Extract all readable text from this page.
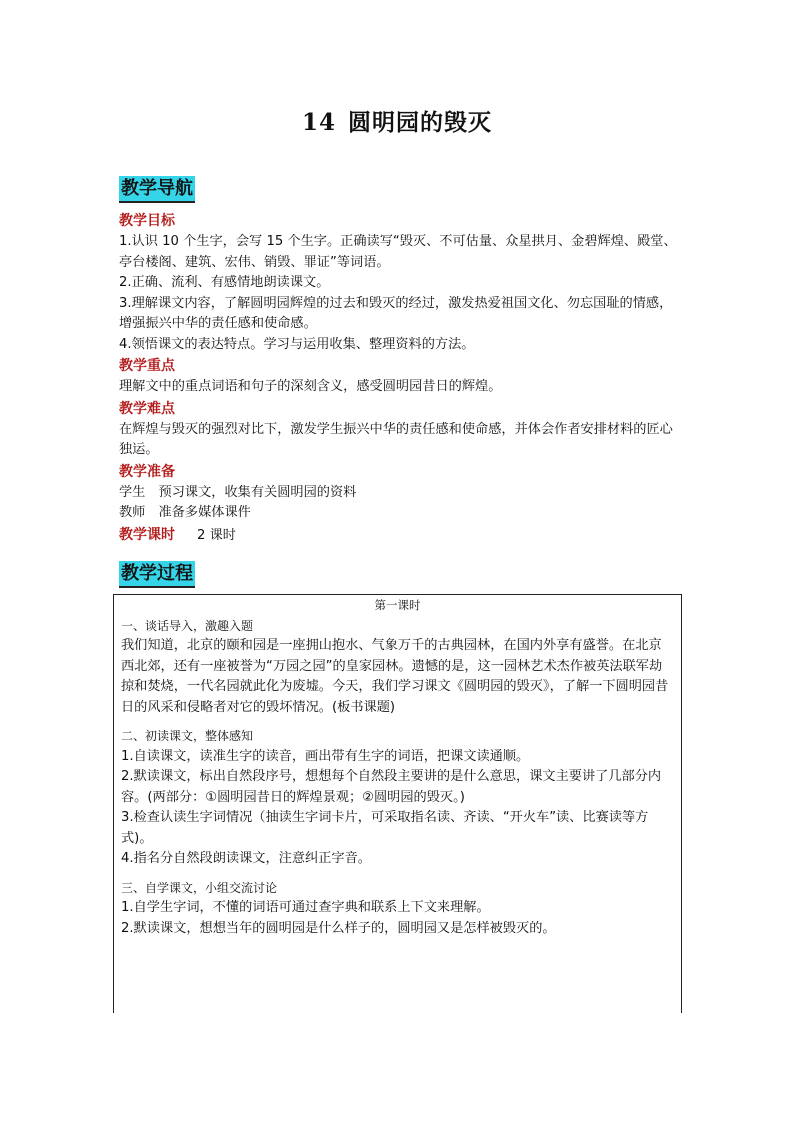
14 圆明园的毁灭
教学导航

教学目标

1.认识 10 个生字，会写 15 个生字。正确读写“毁灭、不可估量、众星拱月、金碧辉煌、殿堂、亭台楼阁、建筑、宏伟、销毁、罪证”等词语。

2.正确、流利、有感情地朗读课文。

3.理解课文内容，了解圆明园辉煌的过去和毁灭的经过，激发热爱祖国文化、勿忘国耻的情感，增强振兴中华的责任感和使命感。

4.领悟课文的表达特点。学习与运用收集、整理资料的方法。

教学重点

理解文中的重点词语和句子的深刻含义，感受圆明园昔日的辉煌。

教学难点

在辉煌与毁灭的强烈对比下，激发学生振兴中华的责任感和使命感，并体会作者安排材料的匠心独运。

教学准备

学生　预习课文，收集有关圆明园的资料

教师　准备多媒体课件

教学课时 2 课时

教学过程

第一课时

一、谈话导入，激趣入题

我们知道，北京的颐和园是一座拥山抱水、气象万千的古典园林，在国内外享有盛誉。在北京西北郊，还有一座被誉为“万园之园”的皇家园林。遗憾的是，这一园林艺术杰作被英法联军劫掠和焚烧，一代名园就此化为废墟。今天，我们学习课文《圆明园的毁灭》，了解一下圆明园昔日的风采和侵略者对它的毁坏情况。(板书课题)

二、初读课文，整体感知

1.自读课文，读准生字的读音，画出带有生字的词语，把课文读通顺。

2.默读课文，标出自然段序号，想想每个自然段主要讲的是什么意思，课文主要讲了几部分内容。(两部分：①圆明园昔日的辉煌景观；②圆明园的毁灭。)

3.检查认读生字词情况（抽读生字词卡片，可采取指名读、齐读、“开火车”读、比赛读等方式)。

4.指名分自然段朗读课文，注意纠正字音。

三、自学课文，小组交流讨论

1.自学生字词，不懂的词语可通过查字典和联系上下文来理解。

2.默读课文，想想当年的圆明园是什么样子的，圆明园又是怎样被毁灭的。
